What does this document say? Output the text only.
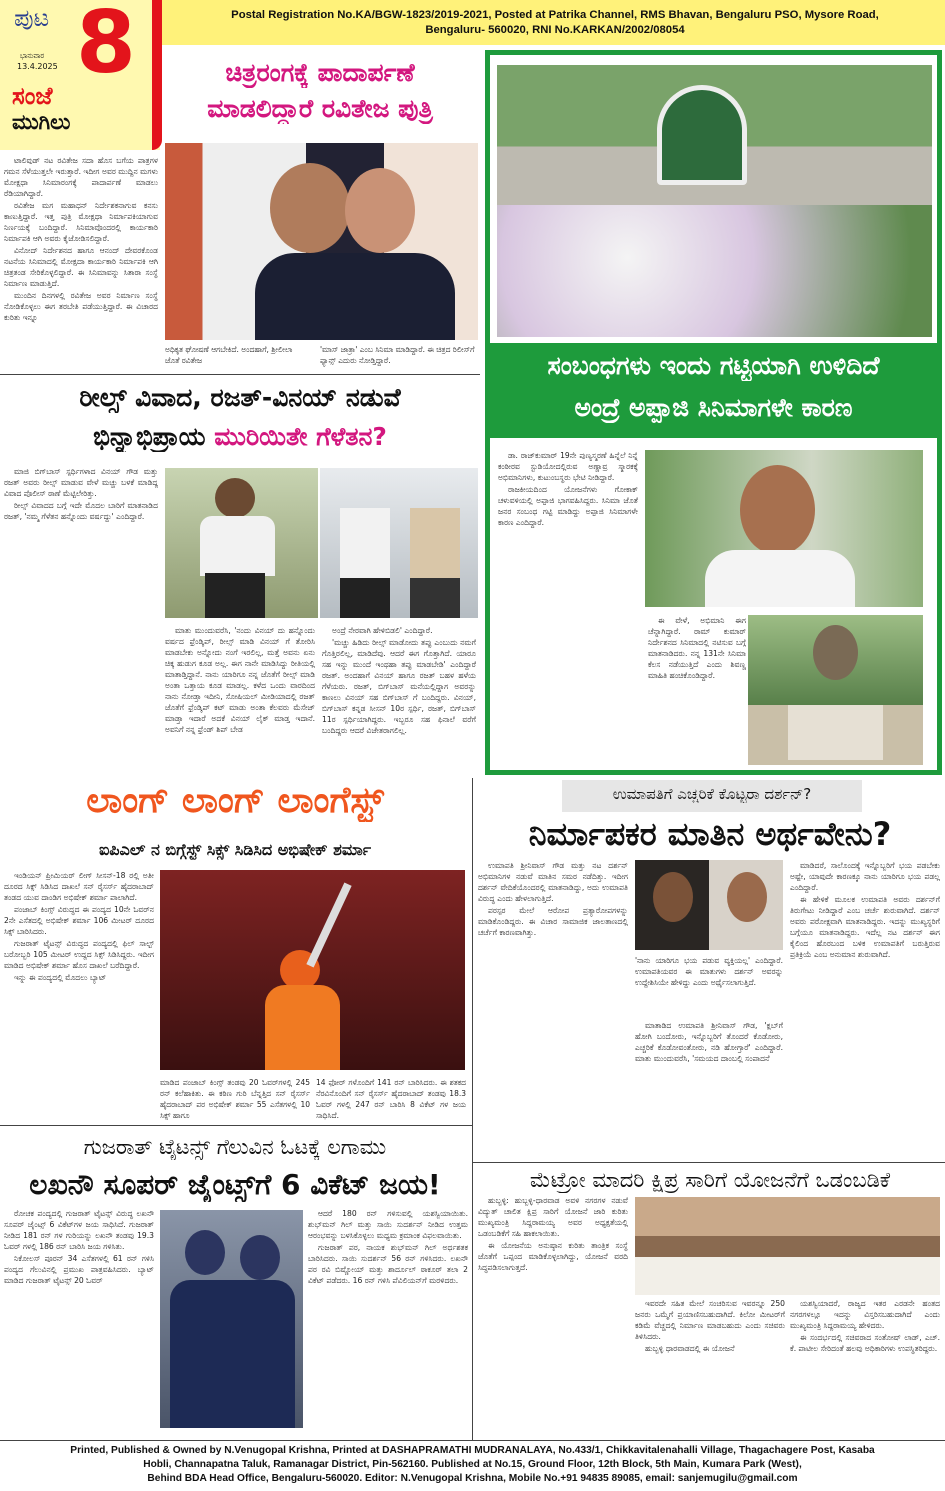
ಪುಟ 8
ಭಾನುವಾರ
13.4.2025
ಸಂಜೆ
ಮುಗಿಲು
Postal Registration No.KA/BGW-1823/2019-2021, Posted at Patrika Channel, RMS Bhavan, Bengaluru PSO, Mysore Road,
Bengaluru- 560020, RNI No.KARKAN/2002/08054
ಚಿತ್ರರಂಗಕ್ಕೆ ಪಾದಾರ್ಪಣೆ
ಮಾಡಲಿದ್ದಾರೆ ರವಿತೇಜ ಪುತ್ರಿ

ಟಾಲಿವುಡ್ ನಟ ರವಿತೇಜ ಸದಾ ಹೊಸ ಬಗೆಯ ಪಾತ್ರಗಳ ಗಮನ ಸೆಳೆಯುತ್ತಲೇ ಇರುತ್ತಾರೆ. ಇದೀಗ ಅವರ ಮುದ್ದಿನ ಮಗಳು ಮೋಕ್ಷಧಾ ಸಿನಿಮಾರಂಗಕ್ಕೆ ಪಾದಾರ್ಪಣೆ ಮಾಡಲು ರೆಡಿಯಾಗಿದ್ದಾರೆ.

ರವಿತೇಜ ಮಗ ಮಹಾಧನ್ ನಿರ್ದೇಶಕನಾಗುವ ಕನಸು ಕಾಣುತ್ತಿದ್ದಾರೆ. ಇತ್ತ ಪುತ್ರಿ ಮೋಕ್ಷಧಾ ನಿರ್ಮಾಪಕಿಯಾಗುವ ನಿರ್ಣಯಕ್ಕೆ ಬಂದಿದ್ದಾರೆ. ಸಿನಿಮಾವೊಂದರಲ್ಲಿ ಕಾರ್ಯಕಾರಿ ನಿರ್ಮಾಪಕಿ ಆಗಿ ಅವರು ಕೈಜೋಡಿಸಲಿದ್ದಾರೆ.

ವಿನೋದ್ ನಿರ್ದೇಶನದ ಹಾಗೂ ಆನಂದ್ ದೇವರಕೊಂಡ ನಟನೆಯ ಸಿನಿಮಾದಲ್ಲಿ ಮೋಕ್ಷದಾ ಕಾರ್ಯಕಾರಿ ನಿರ್ಮಾಪಕಿ ಆಗಿ ಚಿತ್ರತಂಡ ಸೇರಿಕೊಳ್ಳಲಿದ್ದಾರೆ. ಈ ಸಿನಿಮಾವನ್ನು ಸಿತಾರಾ ಸಂಸ್ಥೆ ನಿರ್ಮಾಣ ಮಾಡುತ್ತಿದೆ.

ಮುಂದಿನ ದಿನಗಳಲ್ಲಿ ರವಿತೇಜ ಅವರ ನಿರ್ಮಾಣ ಸಂಸ್ಥೆ ನೋಡಿಕೊಳ್ಳಲು ಈಗ ತರಬೇತಿ ಪಡೆಯುತ್ತಿದ್ದಾರೆ. ಈ ವಿಚಾರದ ಕುರಿತು ಇನ್ನೂ

ಅಧಿಕೃತ ಘೋಷಣೆ ಆಗಬೇಕಿದೆ. ಅಂದಹಾಗೆ, ಶ್ರೀಲೀಲಾ ಜೊತೆ ರವಿತೇಜ
'ಮಾಸ್ ಜಾತ್ರಾ' ಎಂಬ ಸಿನಿಮಾ ಮಾಡಿದ್ದಾರೆ. ಈ ಚಿತ್ರದ ರಿಲೀಸ್‌ಗೆ ಫ್ಯಾನ್ಸ್ ಎದುರು ನೋಡ್ತಿದ್ದಾರೆ.
ರೀಲ್ಸ್ ವಿವಾದ, ರಜತ್-ವಿನಯ್ ನಡುವೆ
ಭಿನ್ನಾಭಿಪ್ರಾಯ ಮುರಿಯಿತೇ ಗೆಳೆತನ?

ಮಾಜಿ ಬಿಗ್‌ಬಾಸ್ ಸ್ಪರ್ಧಿಗಳಾದ ವಿನಯ್ ಗೌಡ ಮತ್ತು ರಜತ್ ಅವರು ರೀಲ್ಸ್ ಮಾಡುವ ವೇಳೆ ಮಚ್ಚು ಬಳಕೆ ಮಾಡಿದ್ದ ವಿವಾದ ಪೊಲೀಸ್ ಠಾಣೆ ಮೆಟ್ಟಿಲೇರಿತ್ತು.

ರೀಲ್ಸ್ ವಿವಾದದ ಬಗ್ಗೆ ಇದೇ ಮೊದಲ ಬಾರಿಗೆ ಮಾತನಾಡಿದ ರಜತ್, 'ನಮ್ಮ ಗೆಳೆತನ ಹನ್ನೊಂದು ವರ್ಷದ್ದು' ಎಂದಿದ್ದಾರೆ.

ಮಾತು ಮುಂದುವರೆಸಿ, 'ನಂದು ವಿನಯ್ ದು ಹನ್ನೊಂದು ವರ್ಷದ ಫ್ರೆಂಡ್ಶಿಪ್, ರೀಲ್ಸ್ ಮಾಡಿ ವಿನಯ್ ಗೆ ತೋರಿಸಿ ಮಾಡಬೇಕು ಅನ್ನೋದು ನಂಗೆ ಇರಲಿಲ್ಲ, ಮತ್ತೆ ಅವನು ಏನು ಚಿಕ್ಕ ಹುಡುಗ ಕೂಡ ಅಲ್ಲ. ಈಗ ನಾನೇ ಮಾಡಿಸಿದ್ದು ರೀತಿಯಲ್ಲಿ ಮಾತಾಡ್ತಿದ್ದಾನೆ. ನಾನು ಯಾರಿಗೂ ನನ್ನ ಜೊತೆಗೆ ರೀಲ್ಸ್ ಮಾಡಿ ಅಂತಾ ಒತ್ತಾಯ ಕೂಡ ಮಾಡಲ್ಲ. ಕಳೆದ ಒಂದು ವಾರದಿಂದ ನಾನು ನೋಡ್ತಾ ಇದೀನಿ, ಸೋಷಿಯಲ್ ಮೀಡಿಯಾದಲ್ಲಿ ರಜತ್ ಜೊತೆಗೆ ಫ್ರೆಂಡ್ಶಿಪ್ ಕಟ್ ಮಾಡು ಅಂತಾ ಕೆಲವರು ಮೆಸೇಜ್ ಮಾಡ್ತಾ ಇದಾರೆ ಅದಕೆ ವಿನಯ್ ಲೈಕ್ ಮಾಡ್ತ ಇದಾನೆ. ಅವನಿಗೆ ನನ್ನ ಫ್ರೆಂಡ್ ಶಿಪ್ ಬೇಡ

ಅಂದ್ರೆ ನೇರವಾಗಿ ಹೇಳಿಬಿಡಲಿ' ಎಂದಿದ್ದಾರೆ.

'ಮಚ್ಚು ಹಿಡಿದು ರೀಲ್ಸ್ ಮಾಡೋದು ತಪ್ಪು ಎಂಬುದು ನಮಗೆ ಗೊತ್ತಿರಲಿಲ್ಲ, ಮಾಡಿದೆವು. ಆದರೆ ಈಗ ಗೊತ್ತಾಗಿದೆ. ಯಾರೂ ಸಹ ಇನ್ನು ಮುಂದೆ ಇಂಥಹಾ ತಪ್ಪು ಮಾಡಬೇಡಿ' ಎಂದಿದ್ದಾರೆ ರಜತ್. ಅಂದಹಾಗೆ ವಿನಯ್ ಹಾಗೂ ರಜತ್ ಬಹಳ ಹಳೆಯ ಗೆಳೆಯರು. ರಜತ್, ಬಿಗ್‌ಬಾಸ್ ಮನೆಯಲ್ಲಿದ್ದಾಗ ಅವರನ್ನು ಕಾಣಲು ವಿನಯ್ ಸಹ ಬಿಗ್‌ಬಾಸ್ ಗೆ ಬಂದಿದ್ದರು. ವಿನಯ್, ಬಿಗ್‌ಬಾಸ್ ಕನ್ನಡ ಸೀಸನ್ 10ರ ಸ್ಪರ್ಧಿ, ರಜತ್, ಬಿಗ್‌ಬಾಸ್ 11ರ ಸ್ಪರ್ಧಿಯಾಗಿದ್ದರು. ಇಬ್ಬರೂ ಸಹ ಫಿನಾಲೆ ವರೆಗೆ ಬಂದಿದ್ದರು ಆದರೆ ವಿಜೇತರಾಗಲಿಲ್ಲ.

ಸಂಬಂಧಗಳು ಇಂದು ಗಟ್ಟಿಯಾಗಿ ಉಳಿದಿದೆ
ಅಂದ್ರೆ ಅಪ್ಪಾಜಿ ಸಿನಿಮಾಗಳೇ ಕಾರಣ

ಡಾ. ರಾಜ್‌ಕುಮಾರ್ 19ನೇ ಪುಣ್ಯಸ್ಮರಣೆ ಹಿನ್ನೆಲೆ ನಿನ್ನೆ ಕಂಠೀರವ ಸ್ಟುಡಿಯೋದಲ್ಲಿರುವ ಅಣ್ಣಾವ್ರ ಸ್ಮಾರಕಕ್ಕೆ ಅಭಿಮಾನಿಗಳು, ಕುಟುಂಬಸ್ಥರು ಭೇಟಿ ನೀಡಿದ್ದಾರೆ.

ರಾಜಕೀಯದಿಂದ ಯೋಜನೆಗಳು ಗೋಕಾಕ್ ಚಳುವಳಿಯಲ್ಲಿ ಅಪ್ಪಾಜಿ ಭಾಗವಹಿಸಿದ್ದರು. ಸಿನಿಮಾ ಜೊತೆ ಜನರ ಸಂಬಂಧ ಗಟ್ಟಿ ಮಾಡಿದ್ದು ಅಪ್ಪಾಜಿ ಸಿನಿಮಾಗಳೇ ಕಾರಣ ಎಂದಿದ್ದಾರೆ.

ಈ ವೇಳೆ, ಅಭಿಮಾನಿ ಈಗ ಚೆನ್ನಾಗಿದ್ದಾರೆ. ರಾಮ್ ಕುಮಾರ್ ನಿರ್ದೇಶನದ ಸಿನಿಮಾದಲ್ಲಿ ನಟಿಸುವ ಬಗ್ಗೆ ಮಾತನಾಡಿದರು. ನನ್ನ 131ನೇ ಸಿನಿಮಾ ಕೆಲಸ ನಡೆಯುತ್ತಿದೆ ಎಂದು ಶಿವಣ್ಣ ಮಾಹಿತಿ ಹಂಚಿಕೊಂಡಿದ್ದಾರೆ.

ಲಾಂಗ್ ಲಾಂಗ್ ಲಾಂಗೆಸ್ಟ್
ಐಪಿಎಲ್ ನ ಬಿಗ್ಗೆಸ್ಟ್ ಸಿಕ್ಸ್ ಸಿಡಿಸಿದ ಅಭಿಷೇಕ್ ಶರ್ಮಾ

ಇಂಡಿಯನ್ ಪ್ರೀಮಿಯರ್ ಲೀಗ್ ಸೀಸನ್-18 ರಲ್ಲಿ ಅತೀ ದೂರದ ಸಿಕ್ಸ್ ಸಿಡಿಸಿದ ದಾಖಲೆ ಸನ್ ರೈಸರ್ಸ್ ಹೈದರಾಬಾದ್ ತಂಡದ ಯುವ ದಾಂಡಿಗ ಅಭಿಷೇಕ್ ಶರ್ಮಾ ಪಾಲಾಗಿದೆ.

ಪಂಜಾಬ್ ಕಿಂಗ್ಸ್ ವಿರುದ್ಧದ ಈ ಪಂದ್ಯದ 10ನೇ ಓವರ್‌ನ 2ನೇ ಎಸೆತದಲ್ಲಿ ಅಭಿಷೇಕ್ ಶರ್ಮಾ 106 ಮೀಟರ್ ದೂರದ ಸಿಕ್ಸ್ ಬಾರಿಸಿದರು.

ಗುಜರಾತ್ ಟೈಟನ್ಸ್ ವಿರುದ್ಧದ ಪಂದ್ಯದಲ್ಲಿ ಫಿಲ್ ಸಾಲ್ಟ್ ಬರೋಬ್ಬರಿ 105 ಮೀಟರ್ ಉದ್ದದ ಸಿಕ್ಸ್ ಸಿಡಿಸಿದ್ದರು. ಇದೀಗ ಮಾಡಿದ ಅಭಿಷೇಕ್ ಶರ್ಮಾ ಹೊಸ ದಾಖಲೆ ಬರೆದಿದ್ದಾರೆ.

ಇನ್ನು ಈ ಪಂದ್ಯದಲ್ಲಿ ಮೊದಲು ಬ್ಯಾಟ್

ಮಾಡಿದ ಪಂಜಾಬ್ ಕಿಂಗ್ಸ್ ತಂಡವು 20 ಓವರ್‌ಗಳಲ್ಲಿ 245 ರನ್ ಕಲೆಹಾಕಿತು. ಈ ಕಠಿಣ ಗುರಿ ಬೆನ್ನತ್ತಿದ ಸನ್ ರೈಸರ್ಸ್ ಹೈದರಾಬಾದ್ ಪರ ಅಭಿಷೇಕ್ ಶರ್ಮಾ 55 ಎಸೆತಗಳಲ್ಲಿ 10 ಸಿಕ್ಸ್ ಹಾಗೂ
14 ಫೋರ್ ಗಳೊಂದಿಗೆ 141 ರನ್ ಬಾರಿಸಿದರು. ಈ ಶತಕದ ನೆರವಿನೊಂದಿಗೆ ಸನ್ ರೈಸರ್ಸ್ ಹೈದರಾಬಾದ್ ತಂಡವು 18.3 ಓವರ್ ಗಳಲ್ಲಿ 247 ರನ್ ಬಾರಿಸಿ 8 ವಿಕೆಟ್ ಗಳ ಜಯ ಸಾಧಿಸಿದೆ.
ಉಮಾಪತಿಗೆ ಎಚ್ಚರಿಕೆ ಕೊಟ್ಟರಾ ದರ್ಶನ್?
ನಿರ್ಮಾಪಕರ ಮಾತಿನ ಅರ್ಥವೇನು?

ಉಮಾಪತಿ ಶ್ರೀನಿವಾಸ್ ಗೌಡ ಮತ್ತು ನಟ ದರ್ಶನ್ ಅಭಿಮಾನಿಗಳ ನಡುವೆ ಮಾತಿನ ಸಮರ ನಡೆದಿತ್ತು. ಇದೀಗ ದರ್ಶನ್ ವೇದಿಕೆಯೊಂದರಲ್ಲಿ ಮಾತನಾಡಿದ್ದು, ಅದು ಉಮಾಪತಿ ವಿರುದ್ಧ ಎಂದು ಹೇಳಲಾಗುತ್ತಿದೆ.

ಪರಸ್ಪರ ಮೇಲೆ ಆರೋಪ ಪ್ರತ್ಯಾರೋಪಗಳನ್ನು ಮಾಡಿಕೊಂಡಿದ್ದರು. ಈ ವಿಚಾರ ಸಾಮಾಜಿಕ ಜಾಲತಾಣದಲ್ಲಿ ಚರ್ಚೆಗೆ ಕಾರಣವಾಗಿತ್ತು.

'ನಾನು ಯಾರಿಗೂ ಭಯ ಪಡುವ ವ್ಯಕ್ತಿಯಲ್ಲ' ಎಂದಿದ್ದಾರೆ. ಉಮಾಪತಿಯವರ ಈ ಮಾತುಗಳು ದರ್ಶನ್ ಅವರನ್ನು ಉದ್ದೇಶಿಸಿಯೇ ಹೇಳಿದ್ದು ಎಂದು ಅರ್ಥೈಸಲಾಗುತ್ತಿದೆ.

ಮಾತಾಡಿದ ಉಮಾಪತಿ ಶ್ರೀನಿವಾಸ್ ಗೌಡ, 'ಕ್ಲಬ್‌ಗೆ ಹೋಗಿ ಬಂದೋರು, ಇನ್ನೊಬ್ಬರಿಗೆ ತೊಂದರೆ ಕೊಡೋರು, ಎಚ್ಚರಿಕೆ ಕೊಡೋವಂತೋರು, ನಡಿ ಹೋಗ್ತಾರೆ' ಎಂದಿದ್ದಾರೆ. ಮಾತು ಮುಂದುವರೆಸಿ, 'ಸಮಯದ ದಾಂಬಲ್ಲಿ ಸಂಪಾದನೆ

ಮಾಡಿದರೆ, ಸಾಲೊಂದಕ್ಕೆ ಇನ್ನೊಬ್ಬರಿಗೆ ಭಯ ಪಡಬೇಕು ಅಷ್ಟೇ, ಯಾವುದೇ ಕಾರಣಕ್ಕೂ ನಾನು ಯಾರಿಗೂ ಭಯ ಪಡಲ್ಲ ಎಂದಿದ್ದಾರೆ.

ಈ ಹೇಳಿಕೆ ಮೂಲಕ ಉಮಾಪತಿ ಅವರು ದರ್ಶನ್‌ಗೆ ತಿರುಗೇಟು ನೀಡಿದ್ದಾರೆ ಎಂಬ ಚರ್ಚೆ ಶುರುವಾಗಿದೆ. ದರ್ಶನ್ ಅವರು ಪರೋಕ್ಷವಾಗಿ ಮಾತನಾಡಿದ್ದರು. ಇದನ್ನು ಮುಖ್ಯಸ್ಥರಿಗೆ ಬಗ್ಗೆಯೂ ಮಾತನಾಡಿದ್ದರು. ಇದೆಲ್ಲ ನಟ ದರ್ಶನ್ ಈಗ ಕೈಲಿಂದ ಹೊರಬಂದ ಬಳಿಕ ಉಮಾಪತಿಗೆ ಬರುತ್ತಿರುವ ಪ್ರತಿಕ್ರಿಯೆ ಎಂಬ ಅನುಮಾನ ಶುರುವಾಗಿದೆ.

ಗುಜರಾತ್ ಟೈಟನ್ಸ್ ಗೆಲುವಿನ ಓಟಕ್ಕೆ ಲಗಾಮು
ಲಖನೌ ಸೂಪರ್ ಜೈಂಟ್ಸ್‌ಗೆ 6 ವಿಕೆಟ್ ಜಯ!

ರೋಚಕ ಪಂದ್ಯದಲ್ಲಿ ಗುಜರಾತ್ ಟೈಟನ್ಸ್ ವಿರುದ್ಧ ಲಖನೌ ಸೂಪರ್ ಜೈಂಟ್ಸ್ 6 ವಿಕೆಟ್‌ಗಳ ಜಯ ಸಾಧಿಸಿದೆ. ಗುಜರಾತ್ ನೀಡಿದ 181 ರನ್ ಗಳ ಗುರಿಯನ್ನು ಲಖನೌ ತಂಡವು 19.3 ಓವರ್ ಗಳಲ್ಲಿ 186 ರನ್ ಬಾರಿಸಿ ಜಯ ಗಳಿಸಿತು.

ನಿಕೋಲಸ್ ಪೂರನ್ 34 ಎಸೆತಗಳಲ್ಲಿ 61 ರನ್ ಗಳಿಸಿ ಪಂದ್ಯದ ಗೆಲುವಿನಲ್ಲಿ ಪ್ರಮುಖ ಪಾತ್ರವಹಿಸಿದರು. ಬ್ಯಾಟ್ ಮಾಡಿದ ಗುಜರಾತ್ ಟೈಟನ್ಸ್ 20 ಓವರ್

ಆದರೆ 180 ರನ್ ಗಳಿಸುವಲ್ಲಿ ಯಶಸ್ವಿಯಾಯಿತು. ಶುಭ್‌ಮನ್ ಗಿಲ್ ಮತ್ತು ಸಾಯಿ ಸುದರ್ಶನ್ ನೀಡಿದ ಉತ್ತಮ ಆರಂಭವನ್ನು ಬಳಸಿಕೊಳ್ಳಲು ಮಧ್ಯಮ ಕ್ರಮಾಂಕ ವಿಫಲವಾಯಿತು.

ಗುಜರಾತ್ ಪರ, ನಾಯಕ ಶುಭ್‌ಮನ್ ಗಿಲ್ ಅರ್ಧಶತಕ ಬಾರಿಸಿದರು. ಸಾಯಿ ಸುದರ್ಶನ್ 56 ರನ್ ಗಳಿಸಿದರು. ಲಖನೌ ಪರ ರವಿ ಬಿಷ್ಣೋಯ್ ಮತ್ತು ಶಾರ್ದೂಲ್ ಠಾಕೂರ್ ತಲಾ 2 ವಿಕೆಟ್ ಪಡೆದರು. 16 ರನ್ ಗಳಿಸಿ ಪೆವಿಲಿಯನ್‌ಗೆ ಮರಳಿದರು.

ಮೆಟ್ರೋ ಮಾದರಿ ಕ್ಷಿಪ್ರ ಸಾರಿಗೆ ಯೋಜನೆಗೆ ಒಡಂಬಡಿಕೆ

ಹುಬ್ಬಳ್ಳಿ: ಹುಬ್ಬಳ್ಳಿ-ಧಾರವಾಡ ಅವಳಿ ನಗರಗಳ ನಡುವೆ ವಿದ್ಯುತ್ ಚಾಲಿತ ಕ್ಷಿಪ್ರ ಸಾರಿಗೆ ಯೋಜನೆ ಜಾರಿ ಕುರಿತು ಮುಖ್ಯಮಂತ್ರಿ ಸಿದ್ದರಾಮಯ್ಯ ಅವರ ಅಧ್ಯಕ್ಷತೆಯಲ್ಲಿ ಒಡಂಬಡಿಕೆಗೆ ಸಹಿ ಹಾಕಲಾಯಿತು.

ಈ ಯೋಜನೆಯ ಅನುಷ್ಠಾನ ಕುರಿತು ತಾಂತ್ರಿಕ ಸಂಸ್ಥೆ ಜೊತೆಗೆ ಒಪ್ಪಂದ ಮಾಡಿಕೊಳ್ಳಲಾಗಿದ್ದು, ಯೋಜನೆ ವರದಿ ಸಿದ್ಧಪಡಿಸಲಾಗುತ್ತದೆ.

ಇವರದೇ ಸಹಿತ ಮೇಲೆ ಸಂಚರಿಸುವ ಇವರನ್ನೂ 250 ಜನರು ಒಮ್ಮೆಗೆ ಪ್ರಯಾಣಿಸಬಹುದಾಗಿದೆ. ಕಿಲೋ ಮೀಟರ್‌ಗೆ ಕಡಿಮೆ ವೆಚ್ಚದಲ್ಲಿ ನಿರ್ಮಾಣ ಮಾಡಬಹುದು ಎಂದು ಸಚಿವರು ತಿಳಿಸಿದರು.

ಹುಬ್ಬಳ್ಳಿ ಧಾರವಾಡದಲ್ಲಿ ಈ ಯೋಜನೆ

ಯಶಸ್ವಿಯಾದರೆ, ರಾಜ್ಯದ ಇತರ ಎರಡನೇ ಹಂತದ ನಗರಗಳಲ್ಲೂ ಇದನ್ನು ವಿಸ್ತರಿಸಬಹುದಾಗಿದೆ ಎಂದು ಮುಖ್ಯಮಂತ್ರಿ ಸಿದ್ದರಾಮಯ್ಯ ಹೇಳಿದರು.

ಈ ಸಂದರ್ಭದಲ್ಲಿ ಸಚಿವರಾದ ಸಂತೋಷ್ ಲಾಡ್, ಎಚ್. ಕೆ. ಪಾಟೀಲ ಸೇರಿದಂತೆ ಹಲವು ಅಧಿಕಾರಿಗಳು ಉಪಸ್ಥಿತರಿದ್ದರು.

Printed, Published & Owned by N.Venugopal Krishna, Printed at DASHAPRAMATHI MUDRANALAYA, No.433/1, Chikkavitalenahalli Village, Thagachagere Post, Kasaba
Hobli, Channapatna Taluk, Ramanagar District, Pin-562160. Published at No.15, Ground Floor, 12th Block, 5th Main, Kumara Park (West),
Behind BDA Head Office, Bengaluru-560020. Editor: N.Venugopal Krishna, Mobile No.+91 94835 89085, email: sanjemugilu@gmail.com
